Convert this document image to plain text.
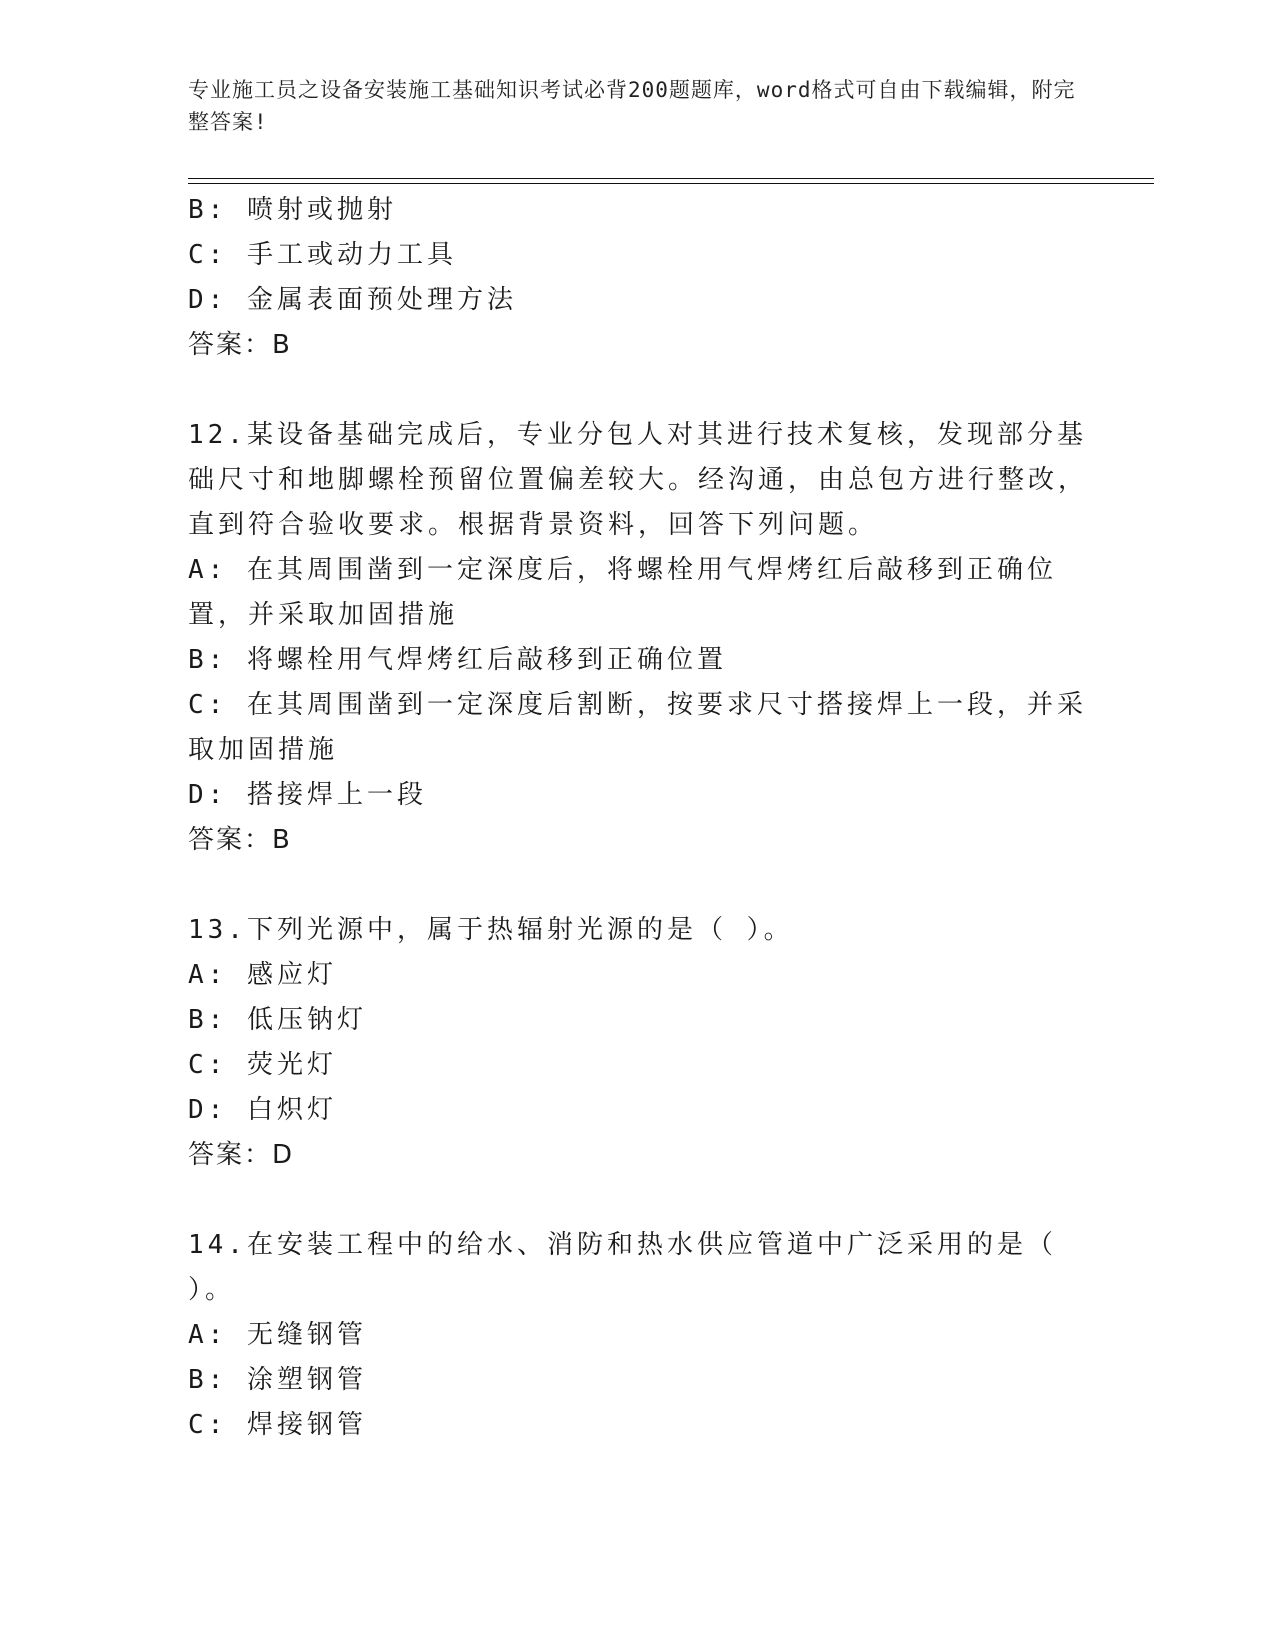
专业施工员之设备安装施工基础知识考试必背200题题库，word格式可自由下载编辑，附完整答案!
B: 喷射或抛射
C: 手工或动力工具
D: 金属表面预处理方法
答案：B
12.某设备基础完成后，专业分包人对其进行技术复核，发现部分基础尺寸和地脚螺栓预留位置偏差较大。经沟通，由总包方进行整改，直到符合验收要求。根据背景资料，回答下列问题。
A: 在其周围凿到一定深度后，将螺栓用气焊烤红后敲移到正确位置，并采取加固措施
B: 将螺栓用气焊烤红后敲移到正确位置
C: 在其周围凿到一定深度后割断，按要求尺寸搭接焊上一段，并采取加固措施
D: 搭接焊上一段
答案：B
13.下列光源中，属于热辐射光源的是（ ）。
A: 感应灯
B: 低压钠灯
C: 荧光灯
D: 白炽灯
答案：D
14.在安装工程中的给水、消防和热水供应管道中广泛采用的是（ ）。
A: 无缝钢管
B: 涂塑钢管
C: 焊接钢管
